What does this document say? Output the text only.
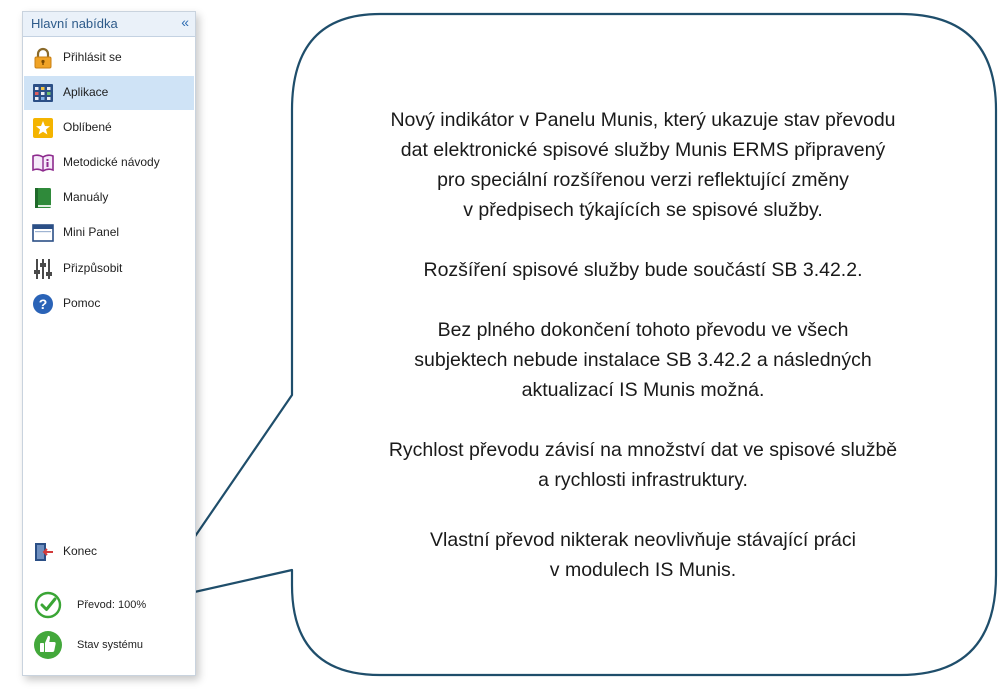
Nový indikátor v Panelu Munis, který ukazuje stav převodu
dat elektronické spisové služby Munis ERMS připravený
pro speciální rozšířenou verzi reflektující změny
v předpisech týkajících se spisové služby.

Rozšíření spisové služby bude součástí SB 3.42.2.

Bez plného dokončení tohoto převodu ve všech
subjektech nebude instalace SB 3.42.2 a následných
aktualizací IS Munis možná.

Rychlost převodu závisí na množství dat ve spisové službě
a rychlosti infrastruktury.

Vlastní převod nikterak neovlivňuje stávající práci
v modulech IS Munis.

Hlavní nabídka	«
Přihlásit se
Aplikace
Oblíbené
Metodické návody
Manuály
Mini Panel
Přizpůsobit
? Pomoc
Konec
Převod: 100%
Stav systému
